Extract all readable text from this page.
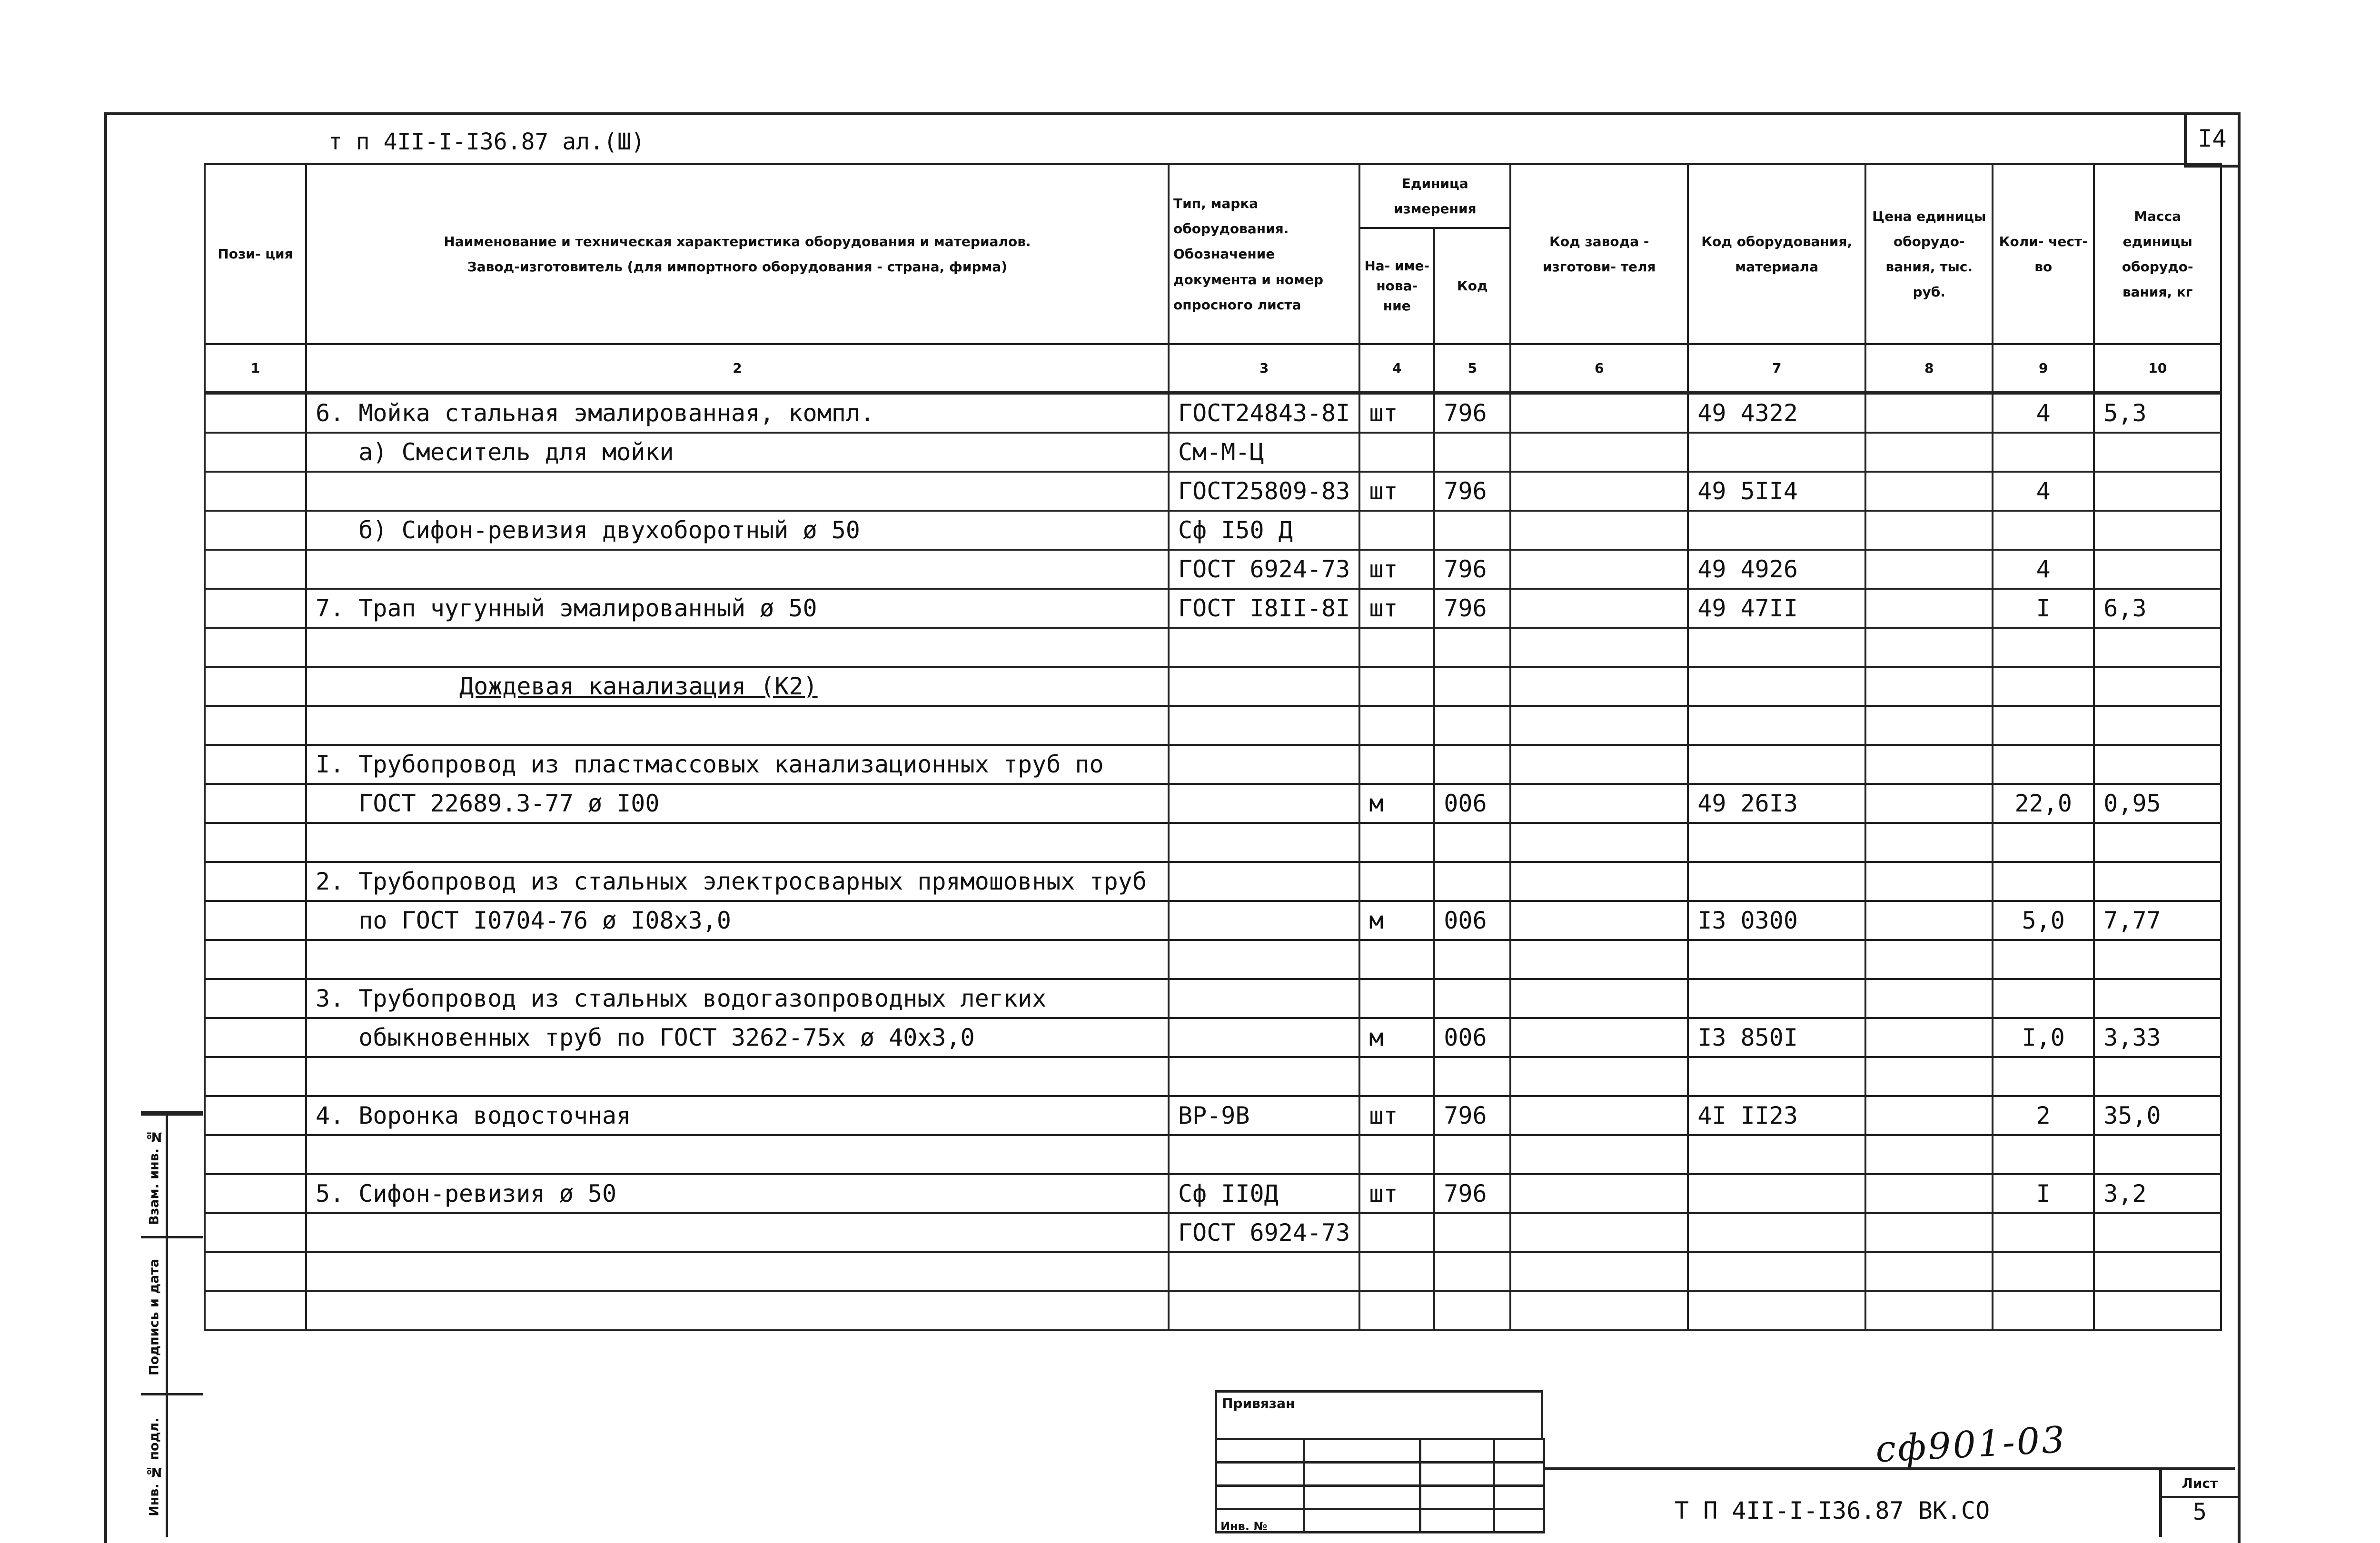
I4
т п 4II-I-I36.87 ал.(Ш)
Пози- ция	Наименование и техническая характеристика оборудования и материалов.
Завод-изготовитель (для импортного оборудования - страна, фирма)	Тип, марка оборудования. Обозначение документа и номер опросного листа	Единица измерения		Код завода - изготови- теля	Код оборудования, материала	Цена единицы оборудо- вания, тыс. руб.	Коли- чест- во	Масса единицы оборудо- вания, кг
			На- име- нова- ние	Код					
1	2	3	4	5	6	7	8	9	10
	6. Мойка стальная эмалированная, компл.	ГОСТ24843-8I	шт	796		49 4322		4	5,3
	а) Смеситель для мойки	См-М-Ц							
		ГОСТ25809-83	шт	796		49 5II4		4	
	б) Сифон-ревизия двухоборотный ø 50	Сф I50 Д							
		ГОСТ 6924-73	шт	796		49 4926		4	
	7. Трап чугунный эмалированный ø 50	ГОСТ I8II-8I	шт	796		49 47II		I	6,3

	Дождевая канализация (К2)								

	I. Трубопровод из пластмассовых канализационных труб по								
	ГОСТ 22689.3-77 ø I00		м	006		49 26I3		22,0	0,95

	2. Трубопровод из стальных электросварных прямошовных труб								
	по ГОСТ I0704-76 ø I08х3,0		м	006		I3 0300		5,0	7,77

	3. Трубопровод из стальных водогазопроводных легких								
	обыкновенных труб по ГОСТ 3262-75х ø 40х3,0		м	006		I3 850I		I,0	3,33

	4. Воронка водосточная	ВР-9В	шт	796		4I II23		2	35,0

	5. Сифон-ревизия ø 50	Сф II0Д	шт	796				I	3,2
		ГОСТ 6924-73							

Взам. инв. №
Подпись и дата
Инв. № подл.
Привязан

Инв. №
сф901-03
Т П 4II-I-I36.87 ВК.СО
Лист
5
